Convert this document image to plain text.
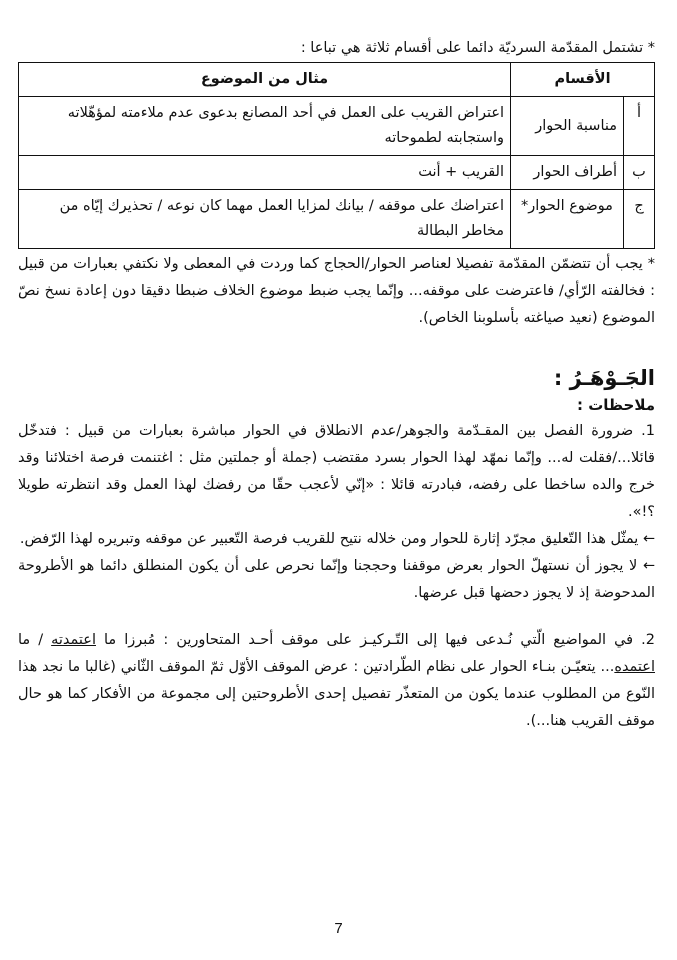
* تشتمل المقدّمة السرديّة دائما على أقسام ثلاثة هي تباعا :

الأقسام		مثال من الموضوع
أ	مناسبة الحوار	اعتراض القريب على العمل في أحد المصانع بدعوى عدم ملاءمته لمؤهّلاته واستجابته لطموحاته
ب	أطراف الحوار	القريب + أنت
ج	موضوع الحوار*	اعتراضك على موقفه / بيانك لمزايا العمل مهما كان نوعه / تحذيرك إيّاه من مخاطر البطالة

* يجب أن تتضمّن المقدّمة تفصيلا لعناصر الحوار/الحجاج كما وردت في المعطى ولا نكتفي بعبارات من قبيل : فخالفته الرّأي/ فاعترضت على موقفه... وإنّما يجب ضبط موضوع الخلاف ضبطا دقيقا دون إعادة نسخ نصّ الموضوع (نعيد صياغته بأسلوبنا الخاص).

الجَـوْهَـرُ :
ملاحظات :

1. ضرورة الفصل بين المقـدّمة والجوهر/عدم الانطلاق في الحوار مباشرة بعبارات من قبيل : فتدخّل قائلا.../فقلت له... وإنّما نمهّد لهذا الحوار بسرد مقتضب (جملة أو جملتين مثل : اغتنمت فرصة اختلائنا وقد خرج والده ساخطا على رفضه، فبادرته قائلا : «إنّي لأعجب حقّا من رفضك لهذا العمل وقد انتظرته طويلا ؟!».

← يمثّل هذا التّعليق مجرّد إثارة للحوار ومن خلاله نتيح للقريب فرصة التّعبير عن موقفه وتبريره لهذا الرّفض.

← لا يجوز أن نستهلّ الحوار بعرض موقفنا وحججنا وإنّما نحرص على أن يكون المنطلق دائما هو الأطروحة المدحوضة إذ لا يجوز دحضها قبل عرضها.

2. في المواضيع الّتي نُـدعى فيها إلى التّـركيـز على موقف أحـد المتحاورين : مُبرزا ما اعتمدته / ما اعتمده... يتعيّـن بنـاء الحوار على نظام الطّرادتين : عرض الموقف الأوّل ثمّ الموقف الثّاني (غالبا ما نجد هذا النّوع من المطلوب عندما يكون من المتعذّر تفصيل إحدى الأطروحتين إلى مجموعة من الأفكار كما هو حال موقف القريب هنا...).

7
